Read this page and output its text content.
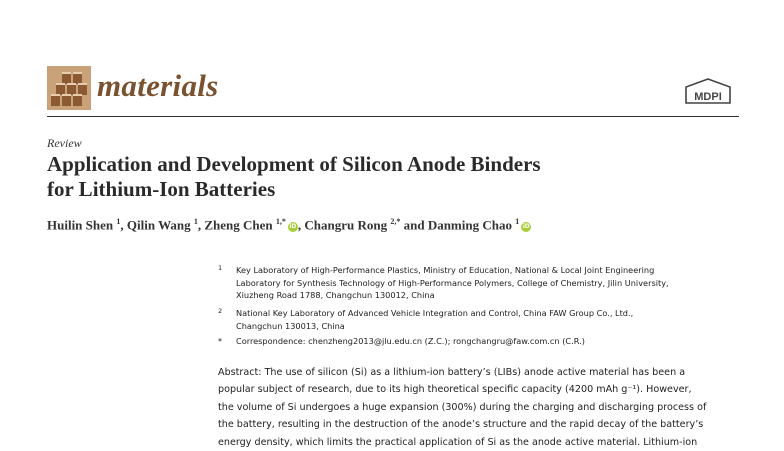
materials	MDPI
Review
Application and Development of Silicon Anode Binders
for Lithium-Ion Batteries
Huilin Shen $^1$, Qilin Wang $^1$, Zheng Chen $^{1,*}$iD, Changru Rong $^{2,*}$ and Danming Chao $^1$iD
1 Key Laboratory of High-Performance Plastics, Ministry of Education, National & Local Joint Engineering
Laboratory for Synthesis Technology of High-Performance Polymers, College of Chemistry, Jilin University,
Xiuzheng Road 1788, Changchun 130012, China
2 National Key Laboratory of Advanced Vehicle Integration and Control, China FAW Group Co., Ltd.,
Changchun 130013, China
* Correspondence: chenzheng2013@jlu.edu.cn (Z.C.); rongchangru@faw.com.cn (C.R.)
Abstract: The use of silicon (Si) as a lithium-ion battery’s (LIBs) anode active material has been a
popular subject of research, due to its high theoretical specific capacity (4200 mAh g⁻¹). However,
the volume of Si undergoes a huge expansion (300%) during the charging and discharging process of
the battery, resulting in the destruction of the anode’s structure and the rapid decay of the battery’s
energy density, which limits the practical application of Si as the anode active material. Lithium-ion
